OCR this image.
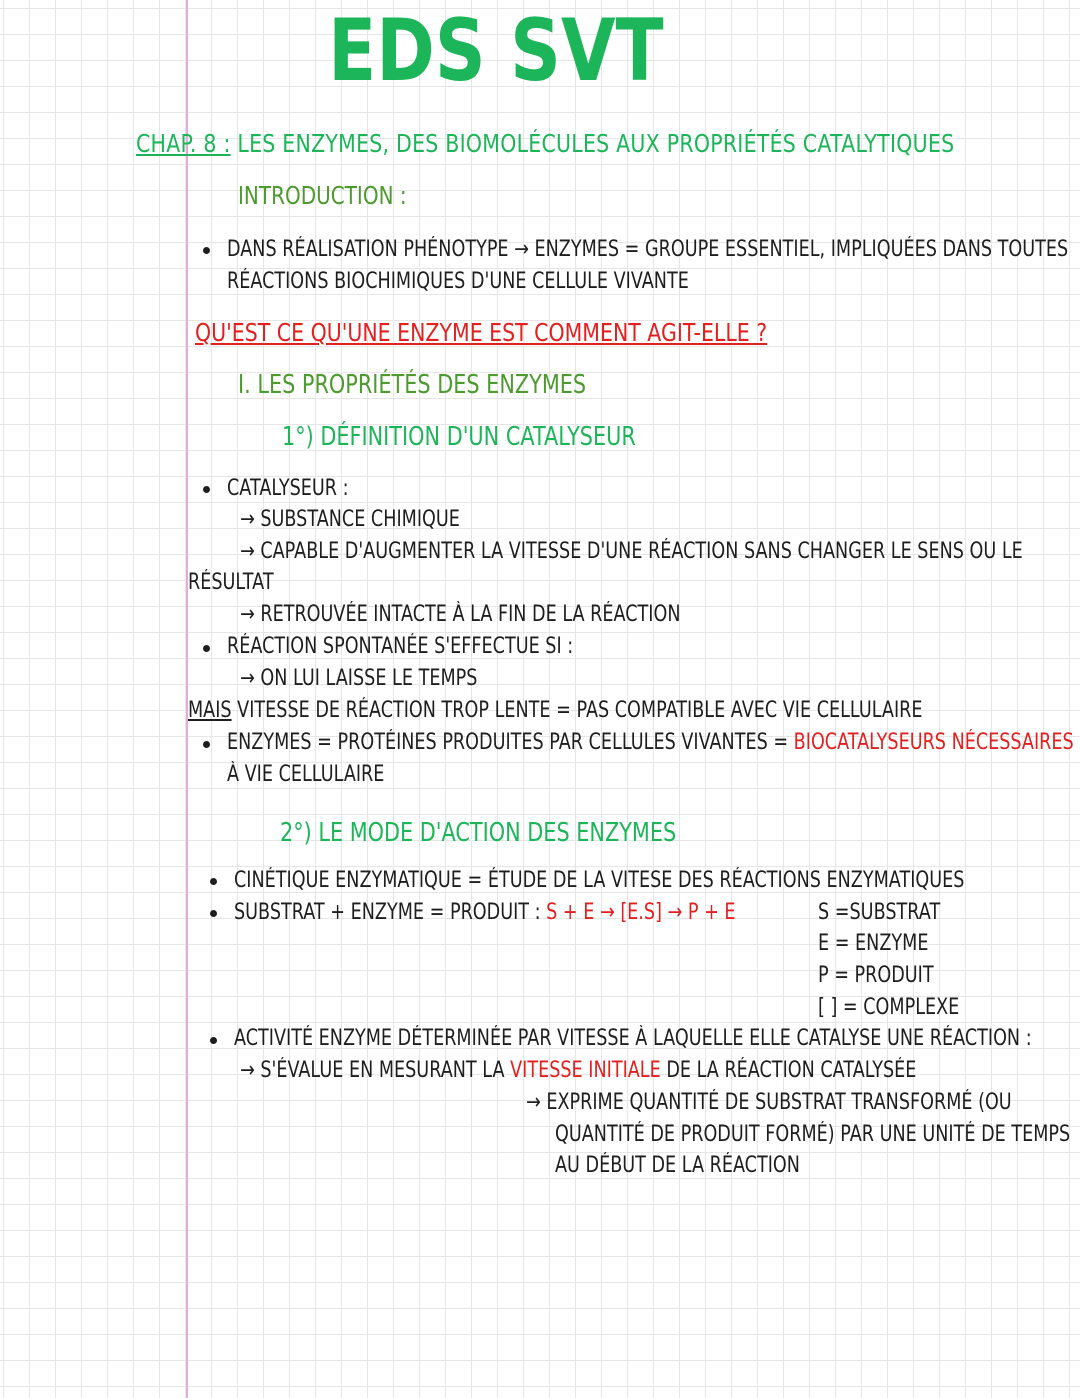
EDS SVT
CHAP. 8 : LES ENZYMES, DES BIOMOLÉCULES AUX PROPRIÉTÉS CATALYTIQUES
INTRODUCTION :
DANS RÉALISATION PHÉNOTYPE → ENZYMES = GROUPE ESSENTIEL, IMPLIQUÉES DANS TOUTES
RÉACTIONS BIOCHIMIQUES D'UNE CELLULE VIVANTE
QU'EST CE QU'UNE ENZYME EST COMMENT AGIT-ELLE ?
I. LES PROPRIÉTÉS DES ENZYMES
1°) DÉFINITION D'UN CATALYSEUR
CATALYSEUR :
→ SUBSTANCE CHIMIQUE
→ CAPABLE D'AUGMENTER LA VITESSE D'UNE RÉACTION SANS CHANGER LE SENS OU LE
RÉSULTAT
→ RETROUVÉE INTACTE À LA FIN DE LA RÉACTION
RÉACTION SPONTANÉE S'EFFECTUE SI :
→ ON LUI LAISSE LE TEMPS
MAIS VITESSE DE RÉACTION TROP LENTE = PAS COMPATIBLE AVEC VIE CELLULAIRE
ENZYMES = PROTÉINES PRODUITES PAR CELLULES VIVANTES = BIOCATALYSEURS NÉCESSAIRES
À VIE CELLULAIRE
2°) LE MODE D'ACTION DES ENZYMES
CINÉTIQUE ENZYMATIQUE = ÉTUDE DE LA VITESE DES RÉACTIONS ENZYMATIQUES
SUBSTRAT + ENZYME = PRODUIT : S + E → [E.S] → P + E	S =SUBSTRAT
E = ENZYME
P = PRODUIT
[ ] = COMPLEXE
ACTIVITÉ ENZYME DÉTERMINÉE PAR VITESSE À LAQUELLE ELLE CATALYSE UNE RÉACTION :
→ S'ÉVALUE EN MESURANT LA VITESSE INITIALE DE LA RÉACTION CATALYSÉE
→ EXPRIME QUANTITÉ DE SUBSTRAT TRANSFORMÉ (OU
QUANTITÉ DE PRODUIT FORMÉ) PAR UNE UNITÉ DE TEMPS
AU DÉBUT DE LA RÉACTION
